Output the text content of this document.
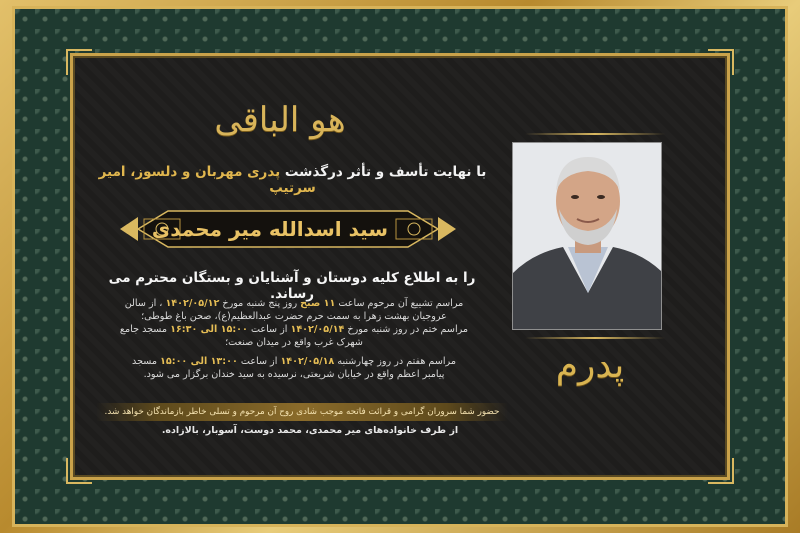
هو الباقی
با نهایت تأسف و تأثر درگذشت پدری مهربان و دلسوز، امیر سرتیپ
سید اسدالله میر محمدی
را به اطلاع کلیه دوستان و آشنایان و بستگان محترم می رساند.

مراسم تشییع آن مرحوم ساعت ۱۱ صبح روز پنج شنبه مورخ ۱۴۰۲/۰۵/۱۲ ، از سالن

عروجیان بهشت زهرا به سمت حرم حضرت عبدالعظیم(ع)، صحن باغ طوطی؛

مراسم ختم در روز شنبه مورخ ۱۴۰۲/۰۵/۱۴ از ساعت ۱۵:۰۰ الی ۱۶:۳۰ مسجد جامع

شهرک غرب واقع در میدان صنعت؛

مراسم هفتم در روز چهارشنبه ۱۴۰۲/۰۵/۱۸ از ساعت ۱۳:۰۰ الی ۱۵:۰۰ مسجد

پیامبر اعظم واقع در خیابان شریعتی، نرسیده به سید خندان برگزار می شود.

حضور شما سروران گرامی و قرائت فاتحه موجب شادی روح آن مرحوم و تسلی خاطر بازماندگان خواهد شد.
از طرف خانواده‌های میر محمدی، محمد دوست، آسوبار، بالازاده.
پدرم
